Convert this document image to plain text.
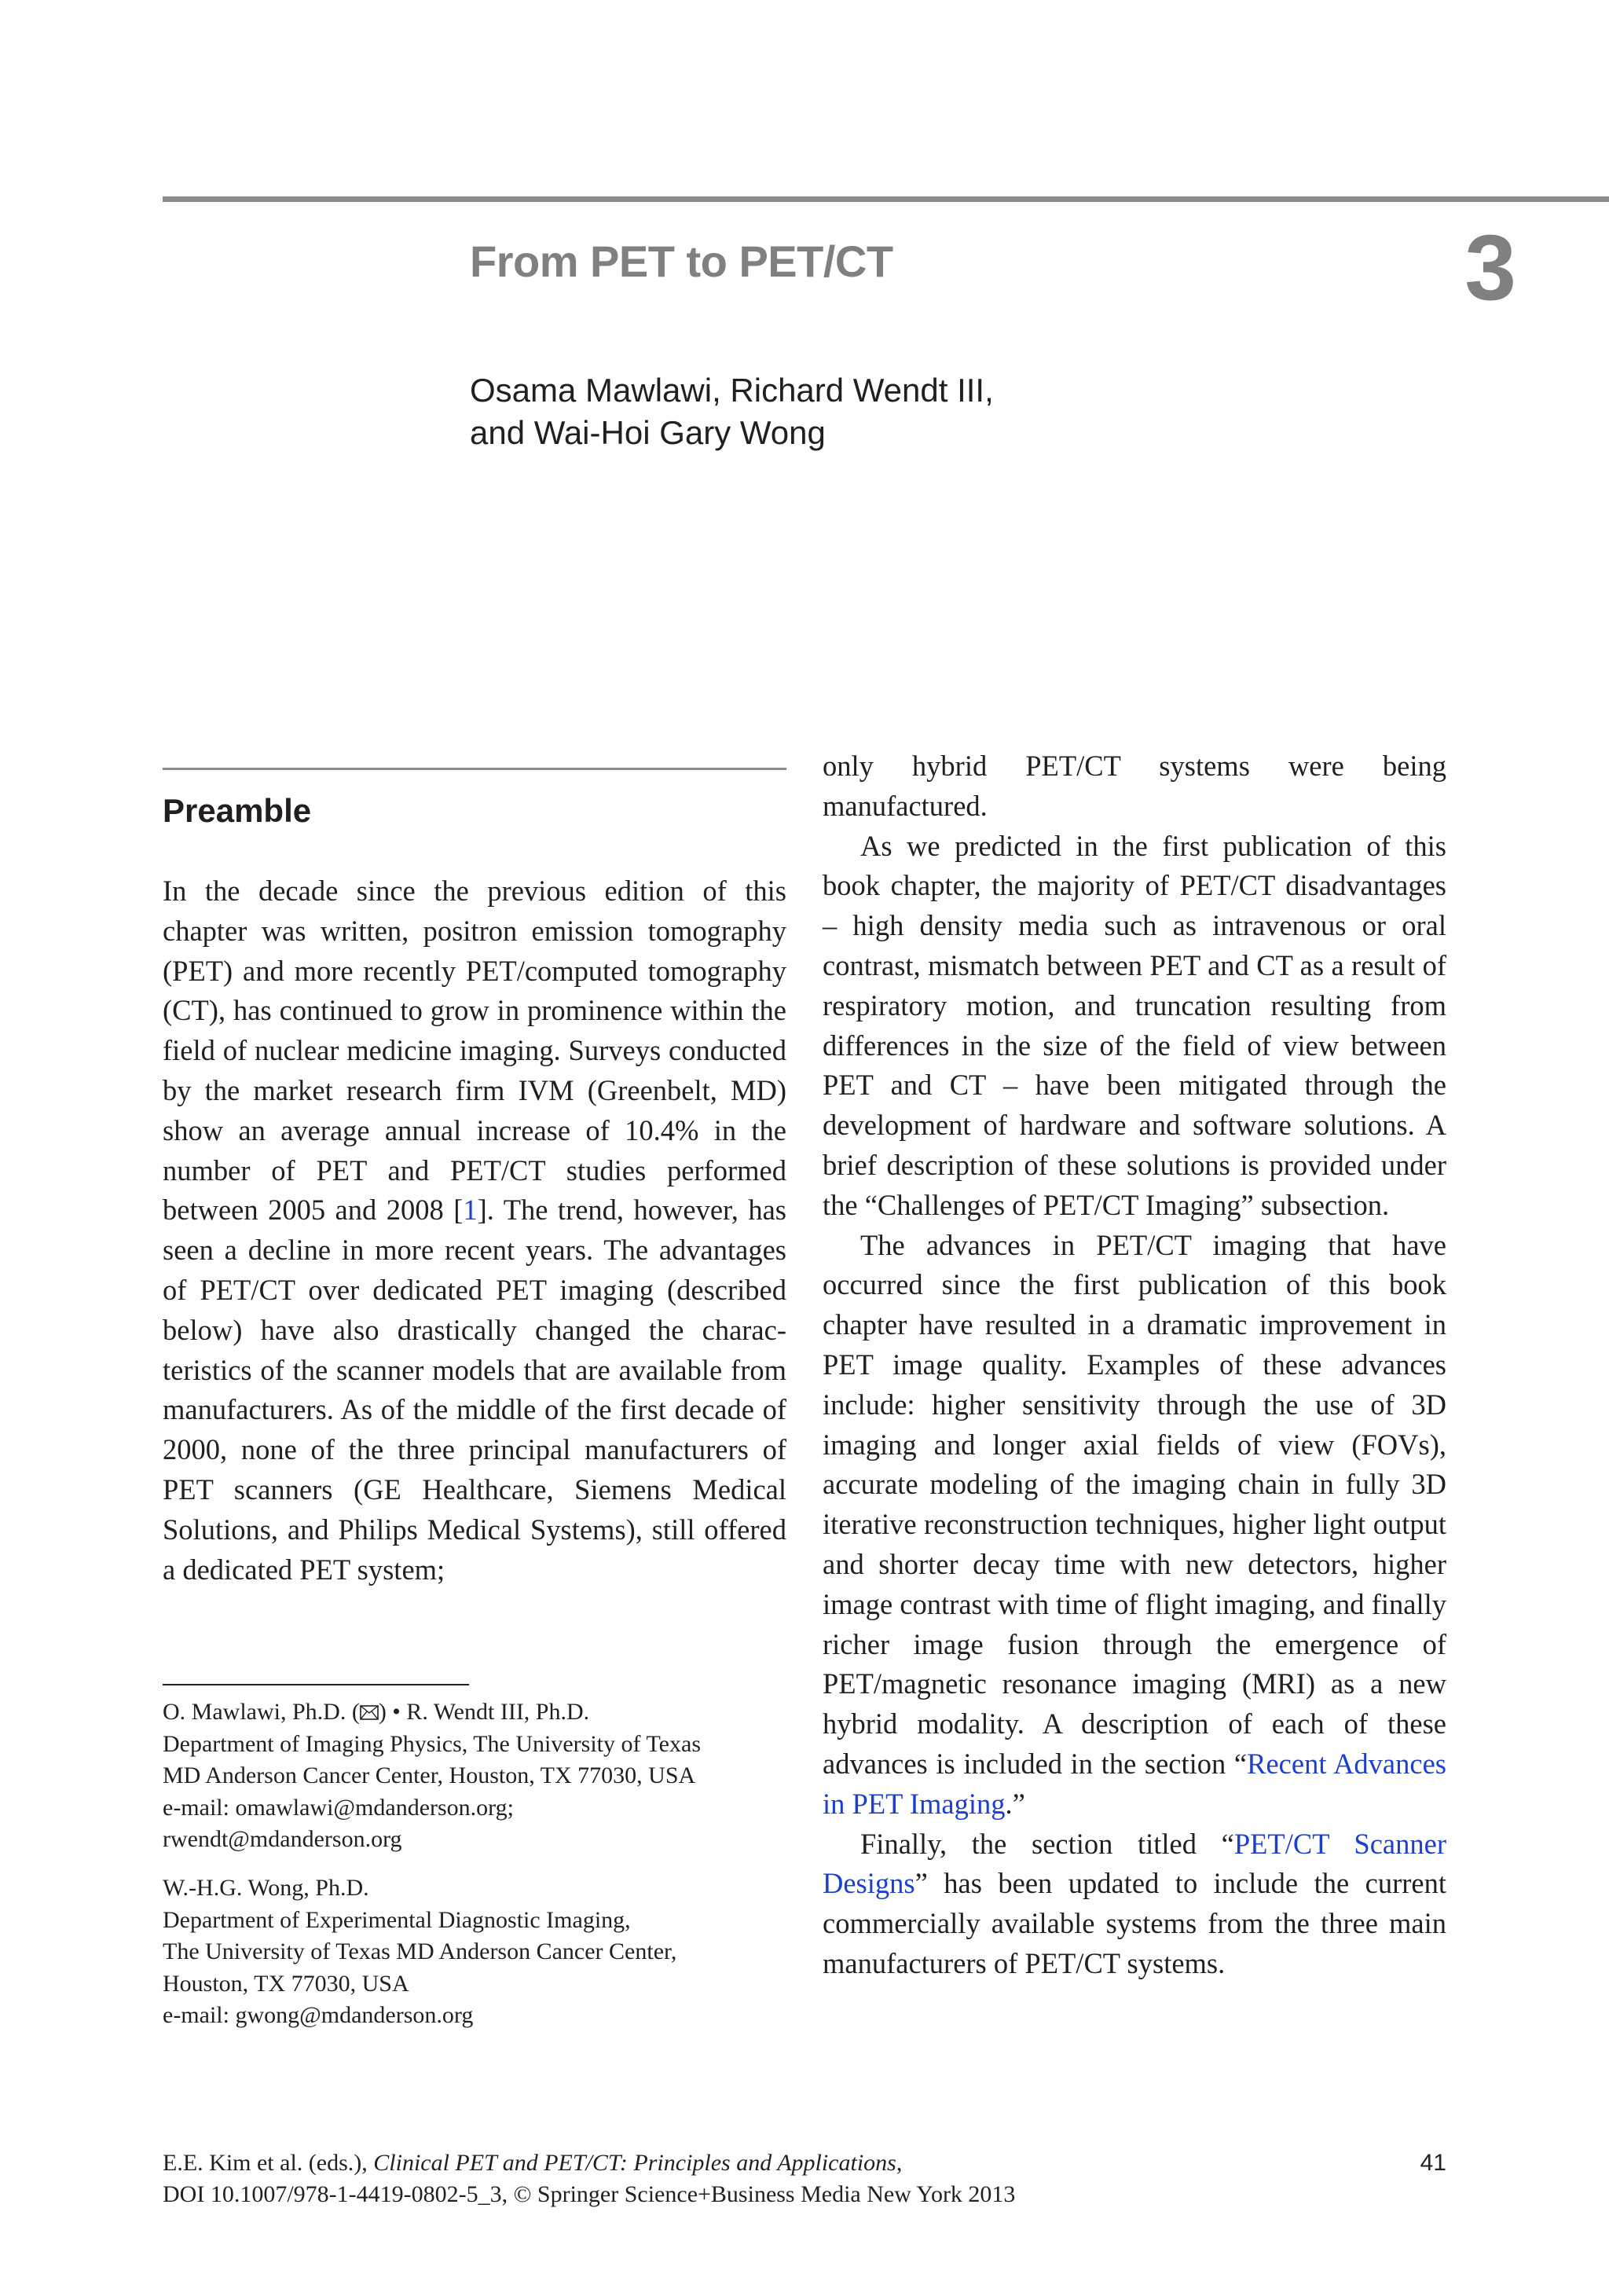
From PET to PET/CT	3
Osama Mawlawi, Richard Wendt III,
and Wai-Hoi Gary Wong
Preamble

In the decade since the previous edition of this chapter was written, positron emission tomography (PET) and more recently PET/computed tomography (CT), has continued to grow in prominence within the field of nuclear medicine imaging. Surveys conducted by the market research firm IVM (Greenbelt, MD) show an average annual increase of 10.4% in the number of PET and PET/CT studies performed between 2005 and 2008 [1]. The trend, however, has seen a decline in more recent years. The advantages of PET/CT over dedicated PET imaging (described below) have also drastically changed the characteristics of the scanner models that are available from manufacturers. As of the middle of the first decade of 2000, none of the three principal manufacturers of PET scanners (GE Healthcare, Siemens Medical Solutions, and Philips Medical Systems), still offered a dedicated PET system;

only hybrid PET/CT systems were being manufactured.

As we predicted in the first publication of this book chapter, the majority of PET/CT disadvantages – high density media such as intravenous or oral contrast, mismatch between PET and CT as a result of respiratory motion, and truncation resulting from differences in the size of the field of view between PET and CT – have been mitigated through the development of hardware and software solutions. A brief description of these solutions is provided under the “Challenges of PET/CT Imaging” subsection.

The advances in PET/CT imaging that have occurred since the first publication of this book chapter have resulted in a dramatic improvement in PET image quality. Examples of these advances include: higher sensitivity through the use of 3D imaging and longer axial fields of view (FOVs), accurate modeling of the imaging chain in fully 3D iterative reconstruction techniques, higher light output and shorter decay time with new detectors, higher image contrast with time of flight imaging, and finally richer image fusion through the emergence of PET/magnetic resonance imaging (MRI) as a new hybrid modality. A description of each of these advances is included in the section “Recent Advances in PET Imaging.”

Finally, the section titled “PET/CT Scanner Designs” has been updated to include the current commercially available systems from the three main manufacturers of PET/CT systems.

O. Mawlawi, Ph.D. ( ) • R. Wendt III, Ph.D.
Department of Imaging Physics, The University of Texas
MD Anderson Cancer Center, Houston, TX 77030, USA
e-mail: omawlawi@mdanderson.org;
rwendt@mdanderson.org
W.-H.G. Wong, Ph.D.
Department of Experimental Diagnostic Imaging,
The University of Texas MD Anderson Cancer Center,
Houston, TX 77030, USA
e-mail: gwong@mdanderson.org
E.E. Kim et al. (eds.), Clinical PET and PET/CT: Principles and Applications,
DOI 10.1007/978-1-4419-0802-5_3, © Springer Science+Business Media New York 2013
41
